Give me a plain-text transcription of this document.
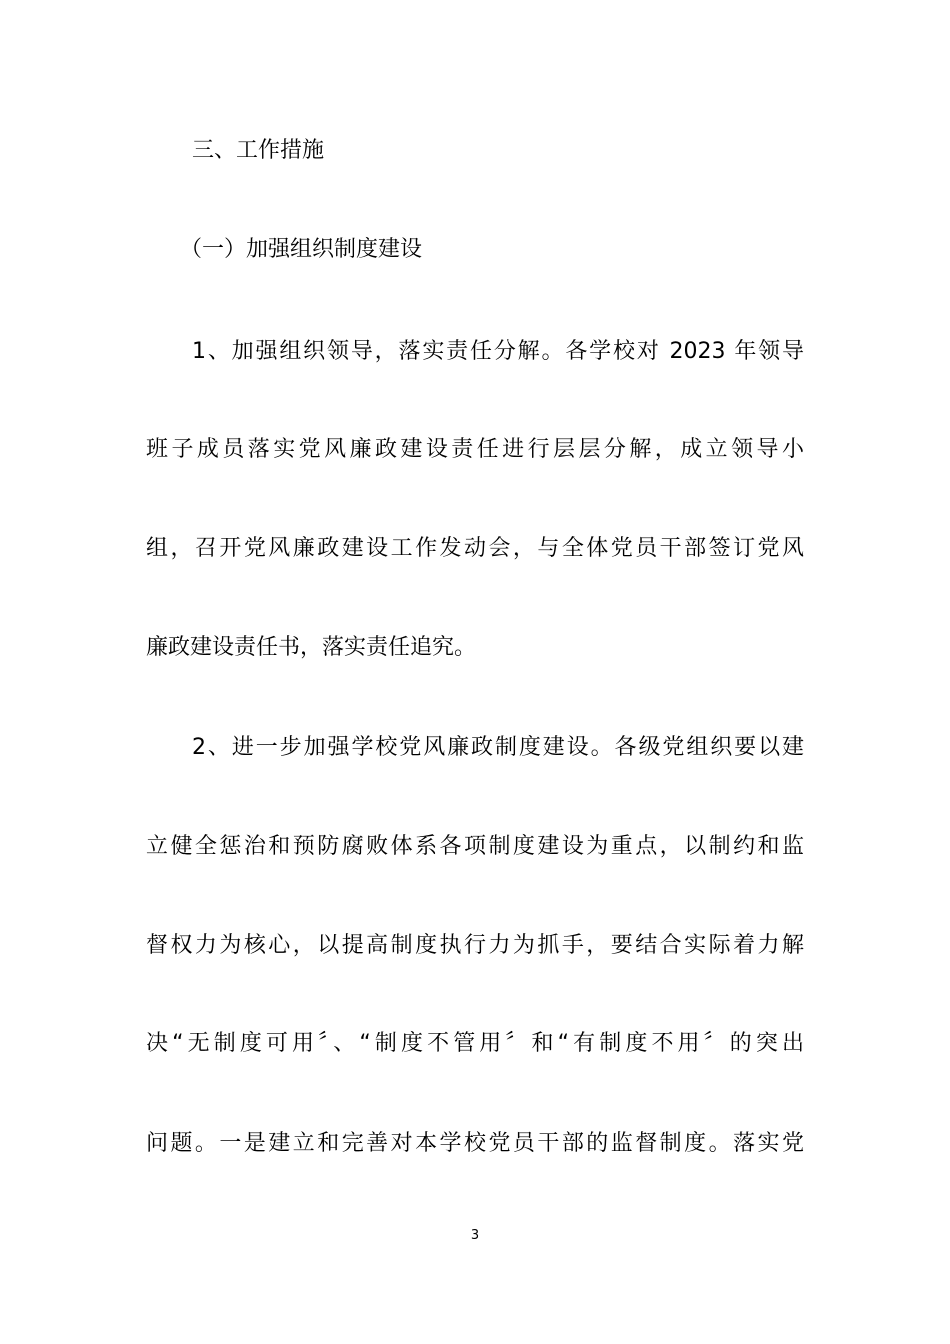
三、工作措施

（一）加强组织制度建设

1、加强组织领导，落实责任分解。各学校对 2023 年领导

班子成员落实党风廉政建设责任进行层层分解，成立领导小

组，召开党风廉政建设工作发动会，与全体党员干部签订党风

廉政建设责任书，落实责任追究。

2、进一步加强学校党风廉政制度建设。各级党组织要以建

立健全惩治和预防腐败体系各项制度建设为重点，以制约和监

督权力为核心，以提高制度执行力为抓手，要结合实际着力解

决“无制度可用〞、“制度不管用〞和“有制度不用〞的突出

问题。一是建立和完善对本学校党员干部的监督制度。落实党

3
